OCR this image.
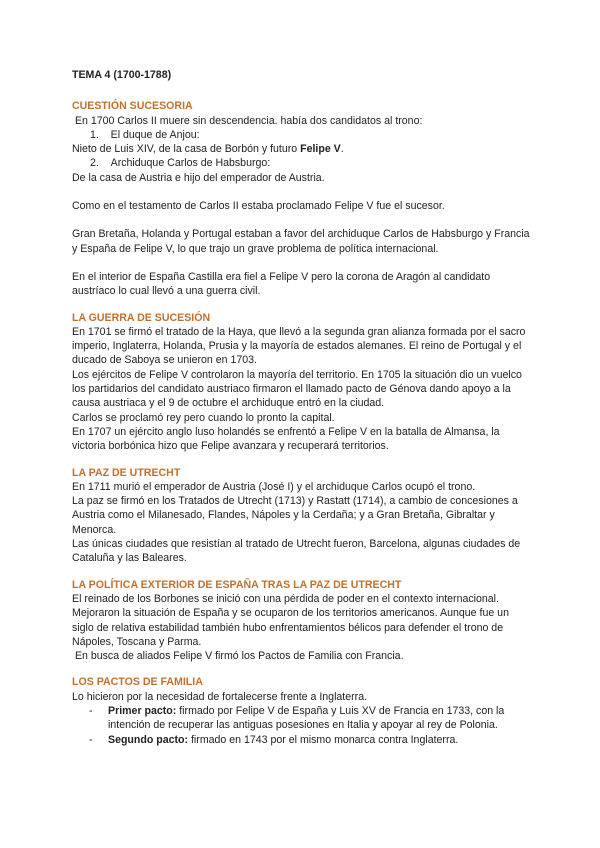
TEMA 4 (1700-1788)

CUESTIÓN SUCESORIA

En 1700 Carlos II muere sin descendencia. había dos candidatos al trono:

1. El duque de Anjou:

Nieto de Luis XIV, de la casa de Borbón y futuro Felipe V.

2. Archiduque Carlos de Habsburgo:

De la casa de Austria e hijo del emperador de Austria.

Como en el testamento de Carlos II estaba proclamado Felipe V fue el sucesor.

Gran Bretaña, Holanda y Portugal estaban a favor del archiduque Carlos de Habsburgo y Francia y España de Felipe V, lo que trajo un grave problema de política internacional.

En el interior de España Castilla era fiel a Felipe V pero la corona de Aragón al candidato austríaco lo cual llevó a una guerra civil.

LA GUERRA DE SUCESIÓN

En 1701 se firmó el tratado de la Haya, que llevó a la segunda gran alianza formada por el sacro imperio, Inglaterra, Holanda, Prusia y la mayoría de estados alemanes. El reino de Portugal y el ducado de Saboya se unieron en 1703.

Los ejércitos de Felipe V controlaron la mayoría del territorio. En 1705 la situación dio un vuelco los partidarios del candidato austriaco firmaron el llamado pacto de Génova dando apoyo a la causa austriaca y el 9 de octubre el archiduque entró en la ciudad.

Carlos se proclamó rey pero cuando lo pronto la capital.

En 1707 un ejército anglo luso holandés se enfrentó a Felipe V en la batalla de Almansa, la victoria borbónica hizo que Felipe avanzara y recuperará territorios.

LA PAZ DE UTRECHT

En 1711 murió el emperador de Austria (José I) y el archiduque Carlos ocupó el trono.

La paz se firmó en los Tratados de Utrecht (1713) y Rastatt (1714), a cambio de concesiones a Austria como el Milanesado, Flandes, Nápoles y la Cerdaña; y a Gran Bretaña, Gibraltar y Menorca.

Las únicas ciudades que resistían al tratado de Utrecht fueron, Barcelona, algunas ciudades de Cataluña y las Baleares.

LA POLÍTICA EXTERIOR DE ESPAÑA TRAS LA PAZ DE UTRECHT

El reinado de los Borbones se inició con una pérdida de poder en el contexto internacional. Mejoraron la situación de España y se ocuparon de los territorios americanos. Aunque fue un siglo de relativa estabilidad también hubo enfrentamientos bélicos para defender el trono de Nápoles, Toscana y Parma.

En busca de aliados Felipe V firmó los Pactos de Familia con Francia.

LOS PACTOS DE FAMILIA

Lo hicieron por la necesidad de fortalecerse frente a Inglaterra.

- Primer pacto: firmado por Felipe V de España y Luis XV de Francia en 1733, con la intención de recuperar las antiguas posesiones en Italia y apoyar al rey de Polonia.
- Segundo pacto: firmado en 1743 por el mismo monarca contra Inglaterra.
